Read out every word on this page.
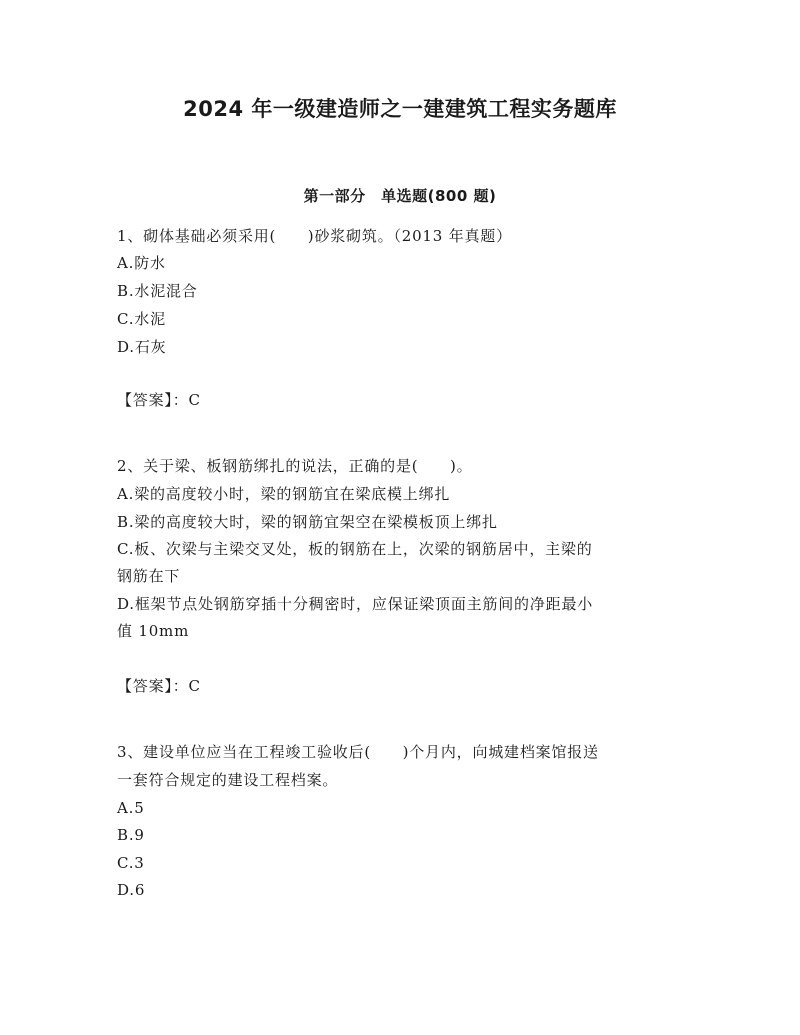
2024 年一级建造师之一建建筑工程实务题库
第一部分　单选题(800 题)
1、砌体基础必须采用(　　)砂浆砌筑。（2013 年真题）
A.防水
B.水泥混合
C.水泥
D.石灰
【答案】：C
2、关于梁、板钢筋绑扎的说法，正确的是(　　)。
A.梁的高度较小时，梁的钢筋宜在梁底模上绑扎
B.梁的高度较大时，梁的钢筋宜架空在梁模板顶上绑扎
C.板、次梁与主梁交叉处，板的钢筋在上，次梁的钢筋居中，主梁的
钢筋在下
D.框架节点处钢筋穿插十分稠密时，应保证梁顶面主筋间的净距最小
值 10mm
【答案】：C
3、建设单位应当在工程竣工验收后(　　)个月内，向城建档案馆报送
一套符合规定的建设工程档案。
A.5
B.9
C.3
D.6
